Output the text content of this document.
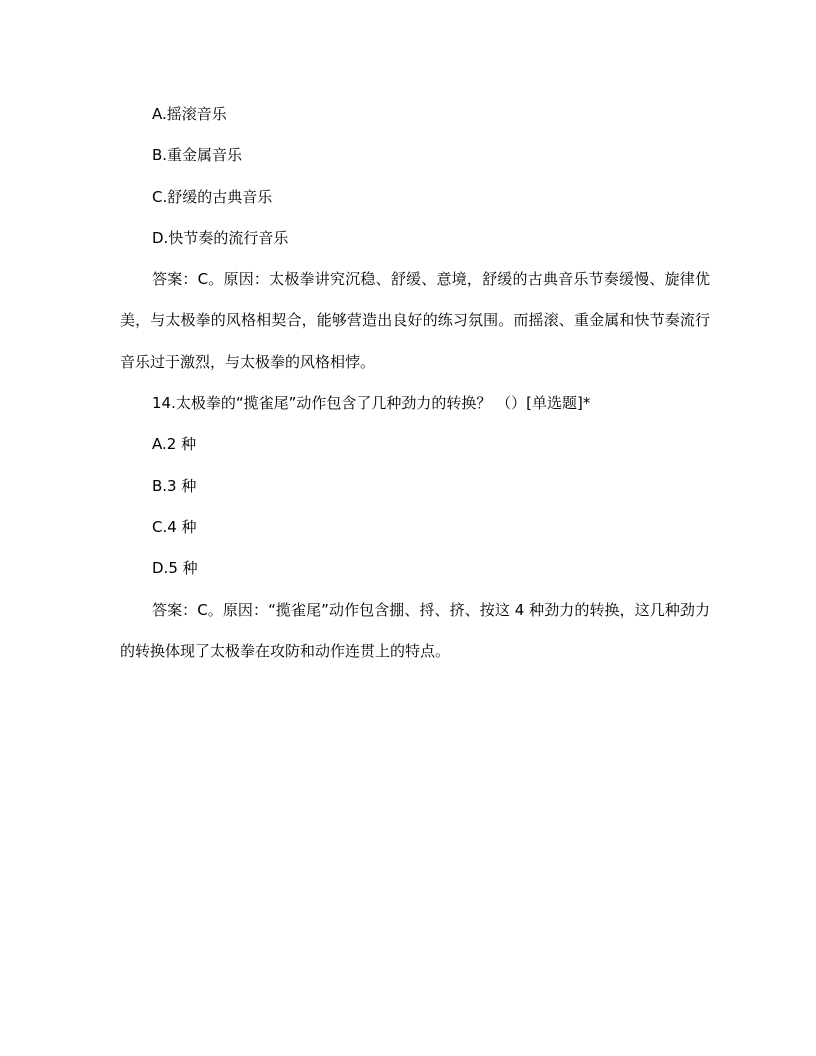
A.摇滚音乐

B.重金属音乐

C.舒缓的古典音乐

D.快节奏的流行音乐

答案：C。原因：太极拳讲究沉稳、舒缓、意境，舒缓的古典音乐节奏缓慢、旋律优美，与太极拳的风格相契合，能够营造出良好的练习氛围。而摇滚、重金属和快节奏流行音乐过于激烈，与太极拳的风格相悖。

14.太极拳的“揽雀尾”动作包含了几种劲力的转换？ （）[单选题]*

A.2 种

B.3 种

C.4 种

D.5 种

答案：C。原因：“揽雀尾”动作包含掤、捋、挤、按这 4 种劲力的转换，这几种劲力的转换体现了太极拳在攻防和动作连贯上的特点。
